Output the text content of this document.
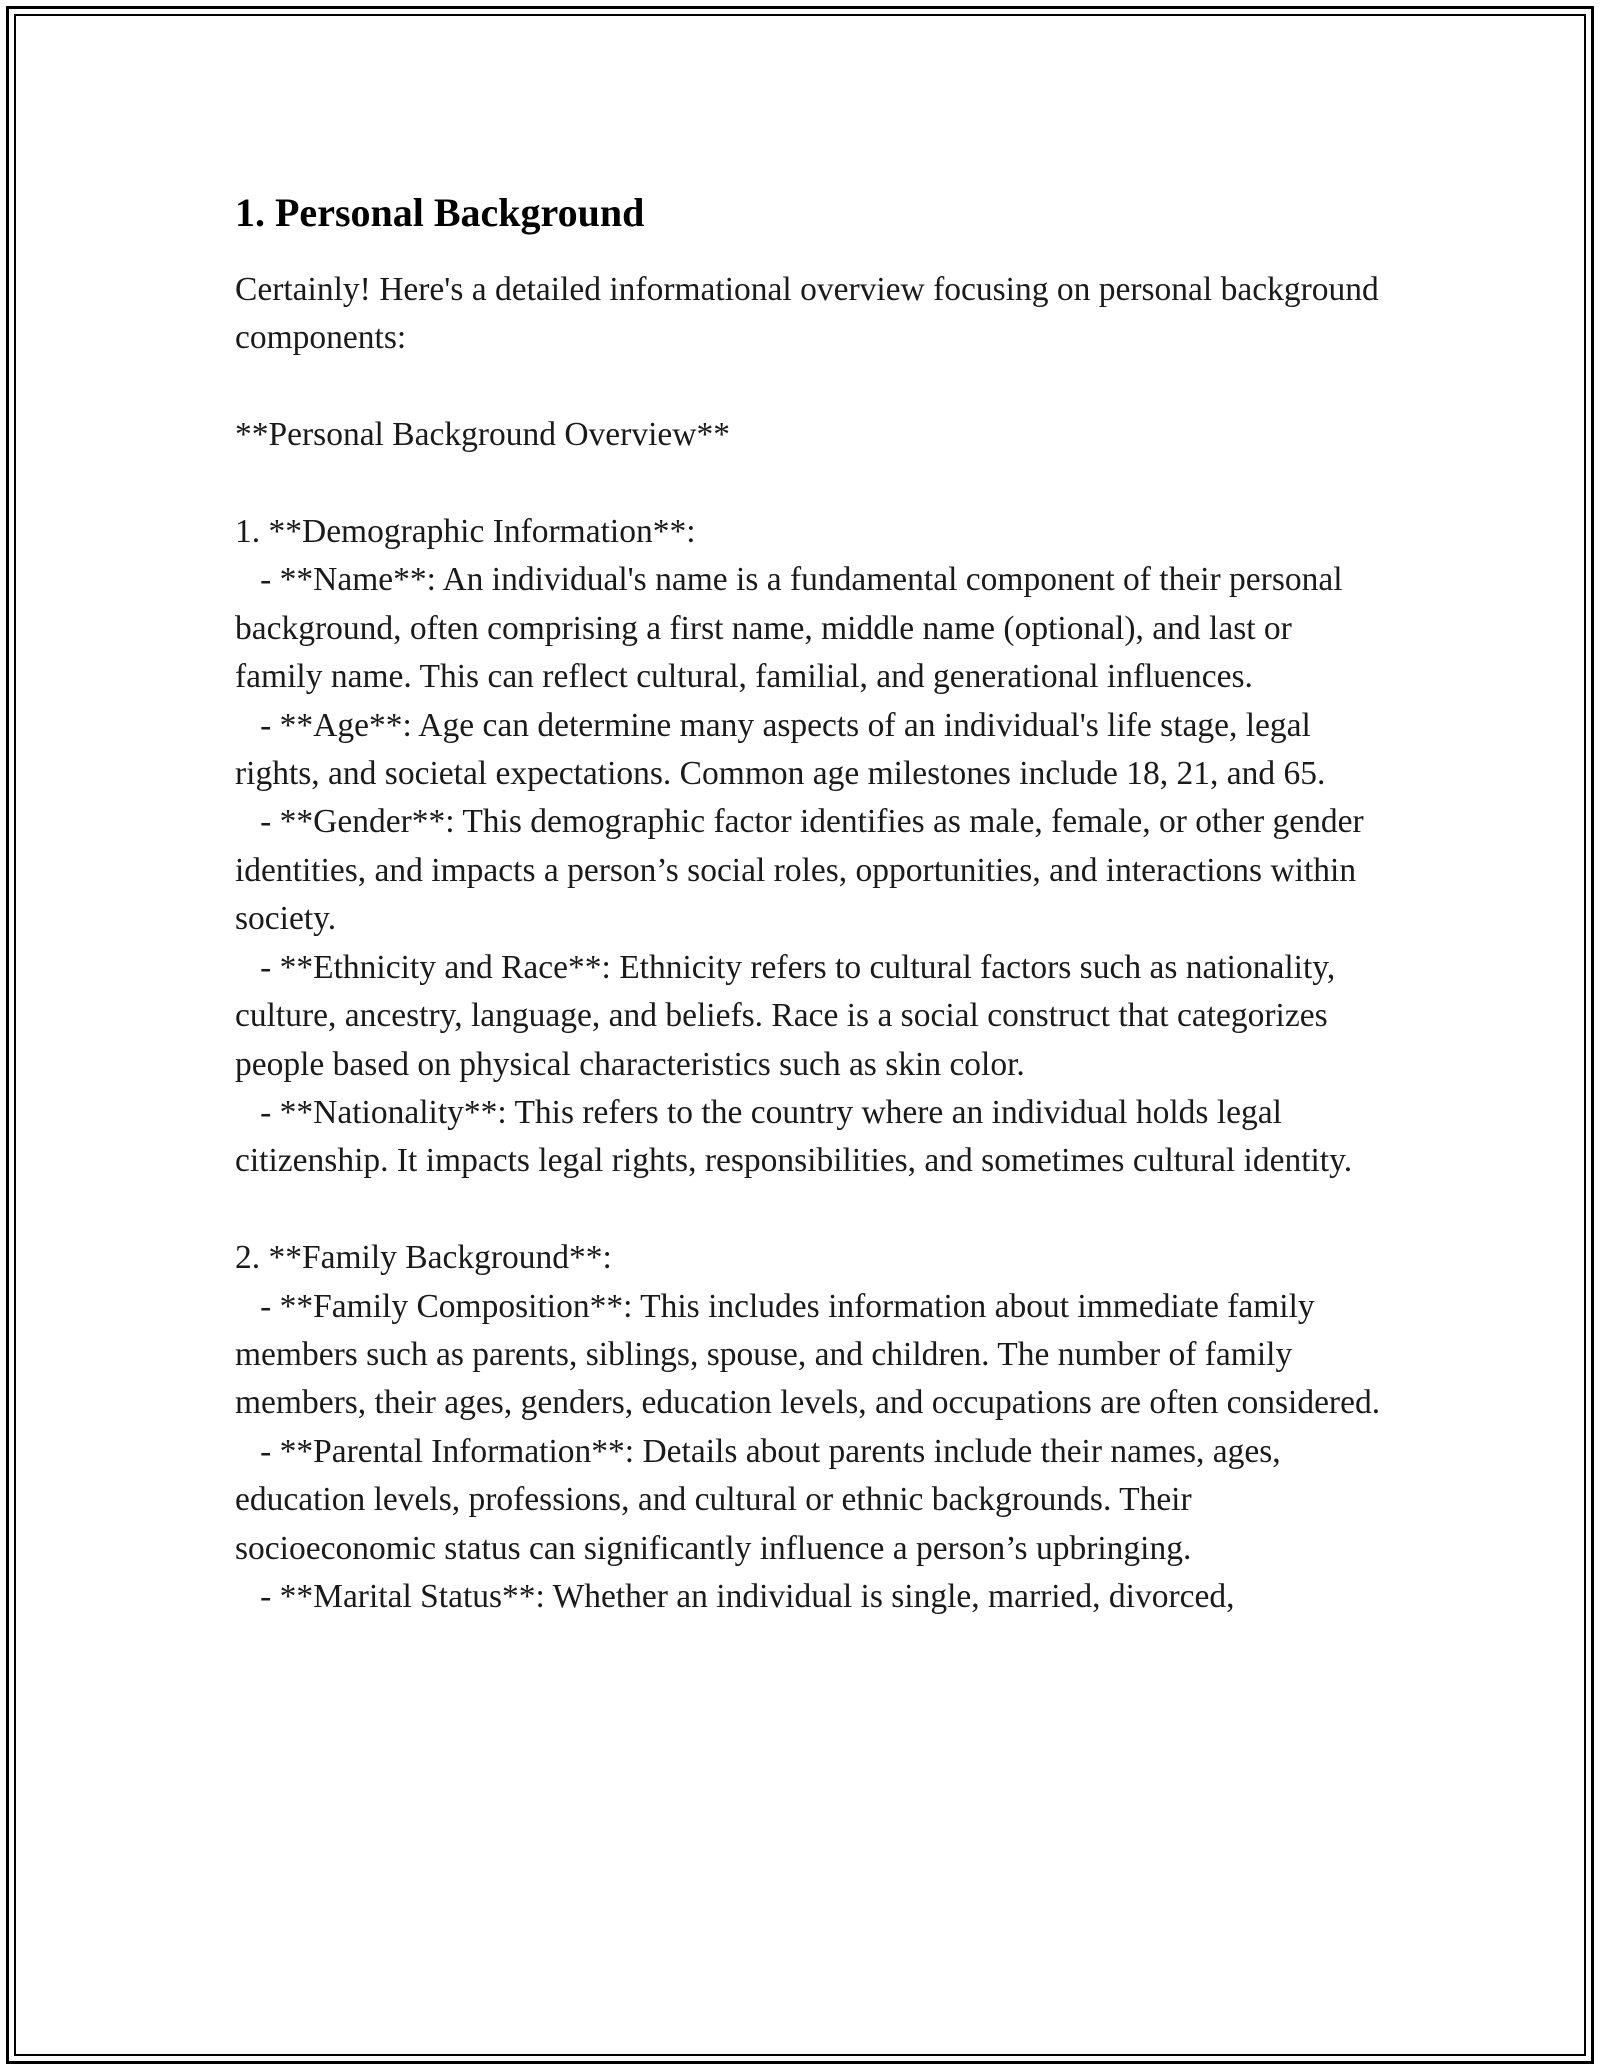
1. Personal Background

Certainly! Here's a detailed informational overview focusing on personal background components:

**Personal Background Overview**

1. **Demographic Information**:

- **Name**: An individual's name is a fundamental component of their personal background, often comprising a first name, middle name (optional), and last or family name. This can reflect cultural, familial, and generational influences.

- **Age**: Age can determine many aspects of an individual's life stage, legal rights, and societal expectations. Common age milestones include 18, 21, and 65.

- **Gender**: This demographic factor identifies as male, female, or other gender identities, and impacts a person’s social roles, opportunities, and interactions within society.

- **Ethnicity and Race**: Ethnicity refers to cultural factors such as nationality, culture, ancestry, language, and beliefs. Race is a social construct that categorizes people based on physical characteristics such as skin color.

- **Nationality**: This refers to the country where an individual holds legal citizenship. It impacts legal rights, responsibilities, and sometimes cultural identity.

2. **Family Background**:

- **Family Composition**: This includes information about immediate family members such as parents, siblings, spouse, and children. The number of family members, their ages, genders, education levels, and occupations are often considered.

- **Parental Information**: Details about parents include their names, ages, education levels, professions, and cultural or ethnic backgrounds. Their socioeconomic status can significantly influence a person’s upbringing.

- **Marital Status**: Whether an individual is single, married, divorced,
